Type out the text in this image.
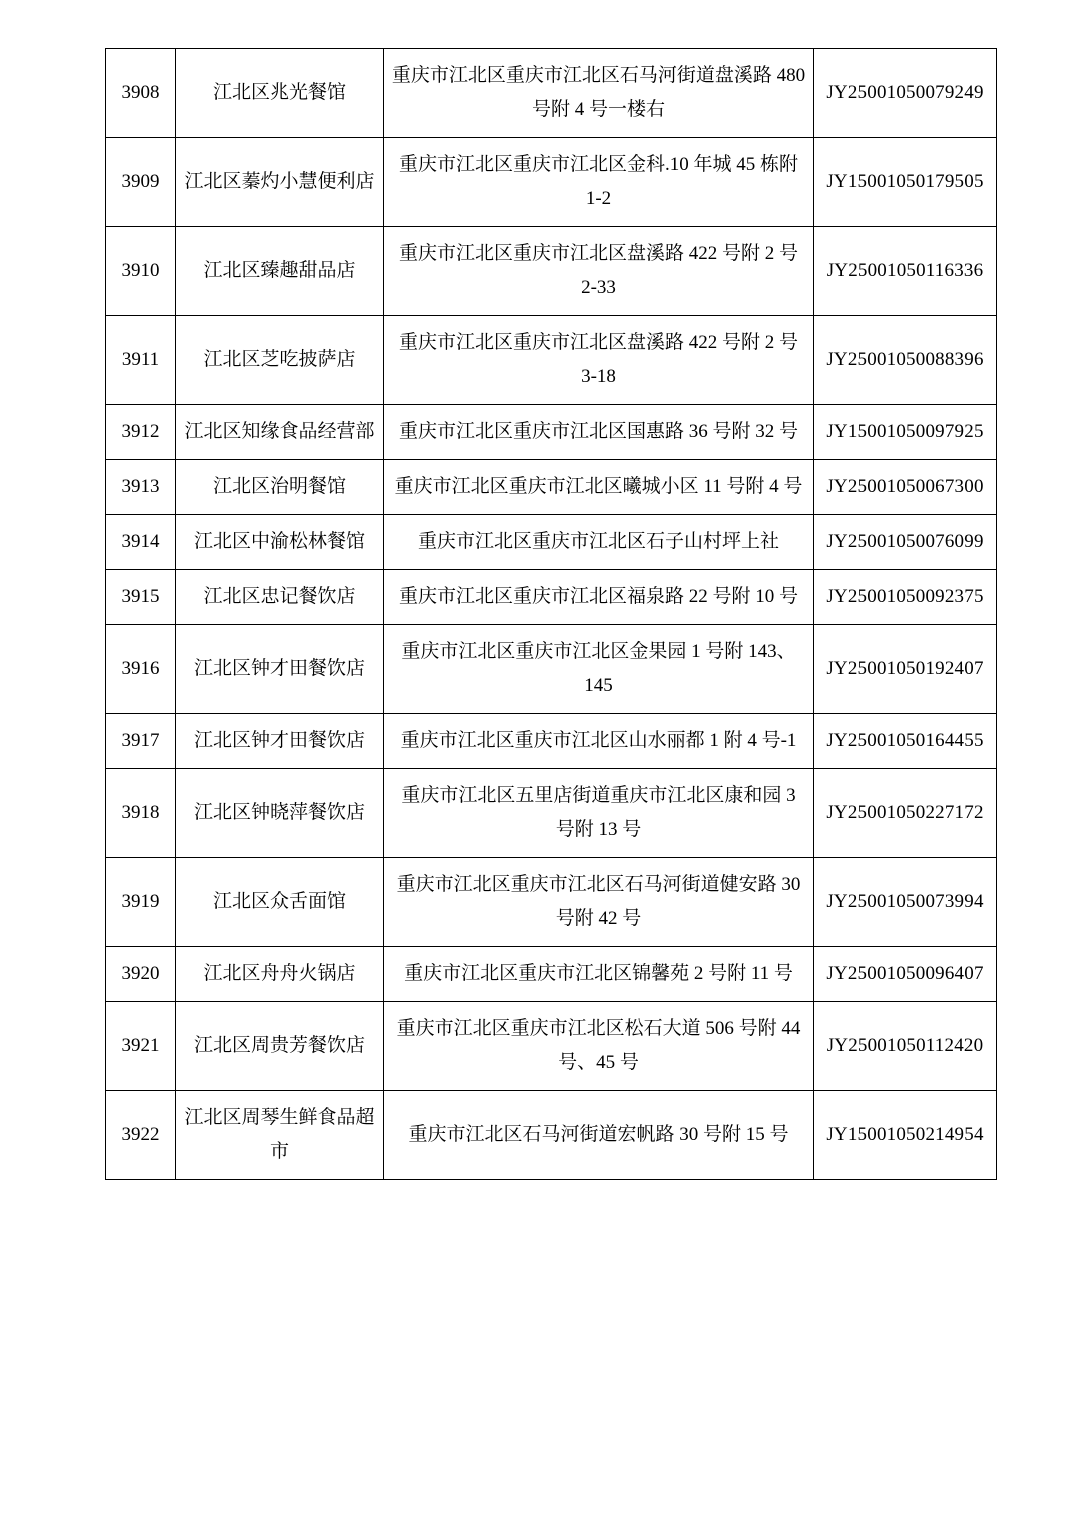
3908	江北区兆光餐馆	重庆市江北区重庆市江北区石马河街道盘溪路 480 号附 4 号一楼右	JY25001050079249
3909	江北区蓁灼小慧便利店	重庆市江北区重庆市江北区金科.10 年城 45 栋附 1-2	JY15001050179505
3910	江北区臻趣甜品店	重庆市江北区重庆市江北区盘溪路 422 号附 2 号 2-33	JY25001050116336
3911	江北区芝吃披萨店	重庆市江北区重庆市江北区盘溪路 422 号附 2 号 3-18	JY25001050088396
3912	江北区知缘食品经营部	重庆市江北区重庆市江北区国惠路 36 号附 32 号	JY15001050097925
3913	江北区治明餐馆	重庆市江北区重庆市江北区曦城小区 11 号附 4 号	JY25001050067300
3914	江北区中渝松林餐馆	重庆市江北区重庆市江北区石子山村坪上社	JY25001050076099
3915	江北区忠记餐饮店	重庆市江北区重庆市江北区福泉路 22 号附 10 号	JY25001050092375
3916	江北区钟才田餐饮店	重庆市江北区重庆市江北区金果园 1 号附 143、145	JY25001050192407
3917	江北区钟才田餐饮店	重庆市江北区重庆市江北区山水丽都 1 附 4 号-1	JY25001050164455
3918	江北区钟晓萍餐饮店	重庆市江北区五里店街道重庆市江北区康和园 3 号附 13 号	JY25001050227172
3919	江北区众舌面馆	重庆市江北区重庆市江北区石马河街道健安路 30 号附 42 号	JY25001050073994
3920	江北区舟舟火锅店	重庆市江北区重庆市江北区锦馨苑 2 号附 11 号	JY25001050096407
3921	江北区周贵芳餐饮店	重庆市江北区重庆市江北区松石大道 506 号附 44 号、45 号	JY25001050112420
3922	江北区周琴生鲜食品超市	重庆市江北区石马河街道宏帆路 30 号附 15 号	JY15001050214954
